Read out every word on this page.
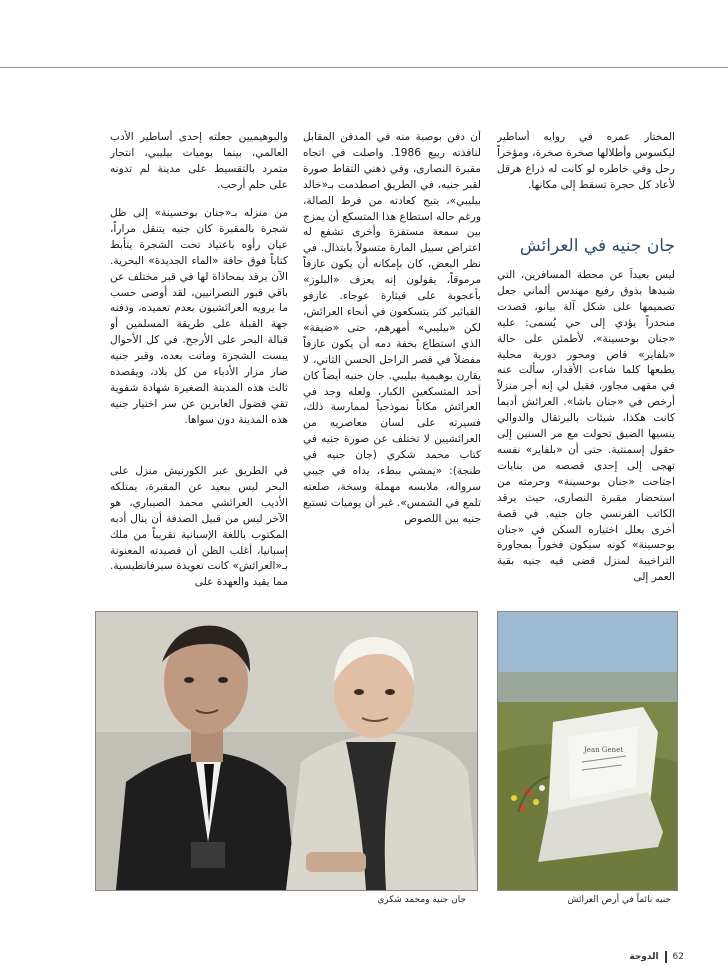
المختار عمره في روايه أساطير ليكسوس وأطلالها صخرة صخرة، ومؤخراً رحل وفي خاطره لو كانت له ذراع هرقل لأعاد كل حجرة تسقط إلى مكانها.

جان جنيه في العرائش

ليس بعيداً عن محطة المسافرين، التي شيدها بذوق رفيع مهندس ألماني جعل تصميمها على شكل آلة بيانو، قصدت منحدراً يؤدي إلى حي يُسمى: عليه «جنان بوحسينة»، لأطمئن على حالة «بلفاير» قاص ومحور دورية محلية يطبعها كلما شاءت الأقدار، سألت عنه في مقهى مجاور، فقيل لي إنه أجر منزلاً أرخص في «جنان باشا». العرائش أديما كانت هكذا، شيئات بالبرتقال والدوالي ينسيها الضيق تحولت مع مر السنين إلى حقول إسمنتية. حتى أن «بلفاير» نفسه تهجى إلى إحدى قصصه من بنايات اجتاحت «جنان بوحسينة» وحرمته من استحضار مقبرة النصارى، حيث يرقد الكاتب الفرنسي جان جنيه. في قصة أخرى يعلل اختياره السكن في «جنان بوحسينة» كونه سيكون فخوراً بمجاورة التراخيبة لمنزل قضى فيه جنيه بقية العمر إلى

أن دفن بوصية منه في المدفن المقابل لنافذته ربيع 1986. واصلت في اتجاه مقبرة النصارى، وفي ذهني التقاط صورة لقبر جنيه، في الطريق اصطدمت بـ«خالد بيليبي»، يتيح كعادته من فرط الصالة، ورغم حاله استطاع هذا المتسكع أن يمزج بين سمعة مستفزة وأخرى تشفع له اعتراض سبيل المارة متسولاً بابتذال. في نظر البعض، كان بإمكانه أن يكون عازفاً مرموقاً، يقولون إنه يعزف «البلوز» بأعجوبة على قيثارة عوجاء. عازفو القياثير كثر يتسكعون في أنحاء العرائش، لكن «بيليبي» أمهرهم، حتى «ضيفة» الذي استطاع بخفة دمه أن يكون عازفاً مفضلاً في قصر الراحل الحسن الثاني، لا يقارن بوهيمية بيليبي. جان جنيه أيضاً كان أحد المتسكعين الكبار، ولعله وجد في العرائش مكاناً نموذجياً لممارسة ذلك، فسيرته على لسان معاصريه من العرائشيين لا تختلف عن صورة جنيه في كتاب محمد شكري (جان جنيه في طنجة): «يمشي ببطء، يداه في جيبي سرواله، ملابسه مهملة وسخة، صلعته تلمع في الشمس». غير أن يوميات تستبع جنيه بين اللصوص

والبوهيميين جعلته إحدى أساطير الأدب العالمي، بينما يوميات بيليبي، انتحار متمرد بالتقسيط على مدينة لم تدونه على حلم أرحب.

من منزله بـ«جنان بوحسينة» إلى ظل شجرة بالمقبرة كان جنيه يتنقل مراراً، عيان رأوه باعتياد تحت الشجرة يتأبط كتاباً فوق حافة «الماء الجديدة» البحرية. الآن يرقد بمحاذاة لها في قبر مختلف عن باقي قبور النصرانيين، لقد أوصى حسب ما يرويه العرائشيون بعدم تعميده، ودفنه جهة القبلة على طريقة المسلمين أو قبالة البحر على الأرجح. في كل الأحوال يبست الشجرة وماتت بعده، وقبر جنيه صار مزار الأدباء من كل بلاد، ويقصده ثالث هذه المدينة الصغيرة شهادة شفوية تقي فضول العابرين عن سر اختيار جنيه هذه المدينة دون سواها.

في الطريق عبر الكورنيش منزل على البحر ليس ببعيد عن المقبرة، يمتلكه الأديب العرائشي محمد الصيباري، هو الآخر ليس من قبيل الصدفة أن ينال أدبه المكتوب باللغة الإسبانية تقريباً من ملك إسبانيا، أغلب الظن أن قصيدته المعنونة بـ«العرائش» كانت تعويذة سيرفانطيسية. مما يقيد والعهدة على

Jean Genet
جنيه نائماً في أرض العرائش
جان جنيه ومحمد شكري
62
الدوحة
